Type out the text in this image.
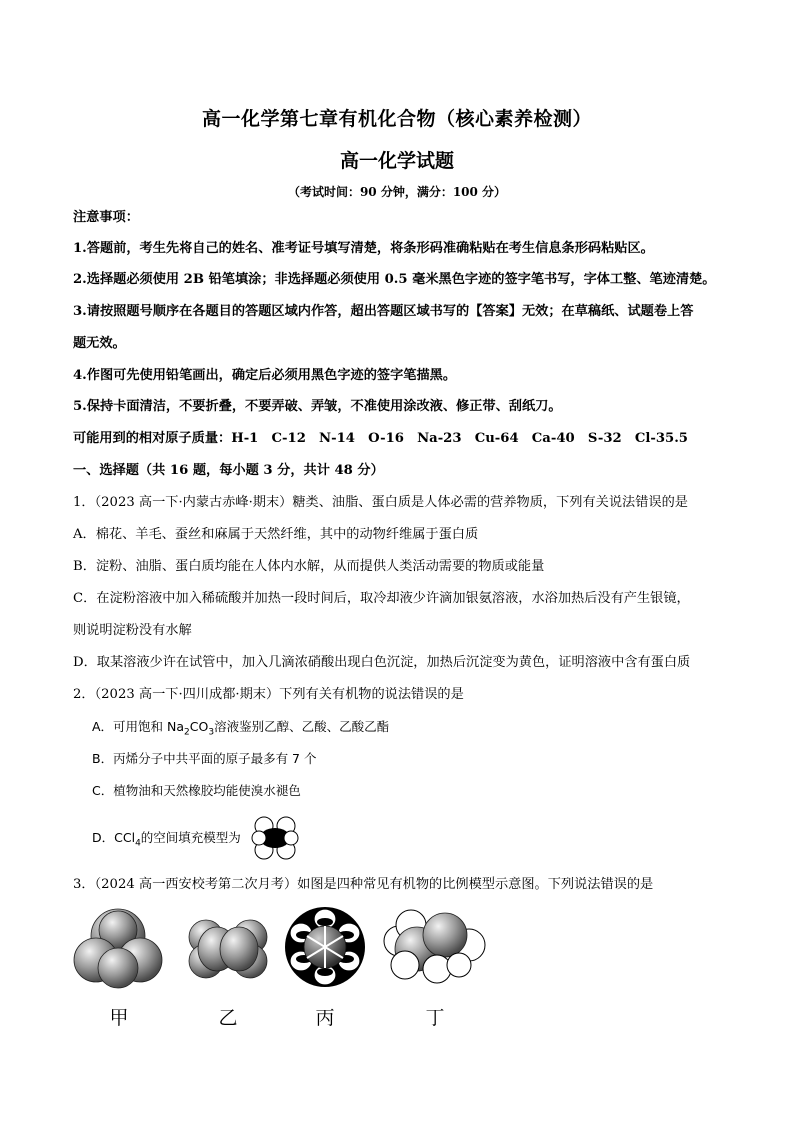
高一化学第七章有机化合物（核心素养检测）
高一化学试题
（考试时间：90 分钟，满分：100 分）
注意事项：
1.答题前，考生先将自己的姓名、准考证号填写清楚，将条形码准确粘贴在考生信息条形码粘贴区。
2.选择题必须使用 2B 铅笔填涂；非选择题必须使用 0.5 毫米黑色字迹的签字笔书写，字体工整、笔迹清楚。
3.请按照题号顺序在各题目的答题区域内作答，超出答题区域书写的【答案】无效；在草稿纸、试题卷上答
题无效。
4.作图可先使用铅笔画出，确定后必须用黑色字迹的签字笔描黑。
5.保持卡面清洁，不要折叠，不要弄破、弄皱，不准使用涂改液、修正带、刮纸刀。
可能用到的相对原子质量：H-1　C-12　N-14　O-16　Na-23　Cu-64　Ca-40　S-32　Cl-35.5
一、选择题（共 16 题，每小题 3 分，共计 48 分）
1．（2023 高一下·内蒙古赤峰·期末）糖类、油脂、蛋白质是人体必需的营养物质，下列有关说法错误的是
A．棉花、羊毛、蚕丝和麻属于天然纤维，其中的动物纤维属于蛋白质
B．淀粉、油脂、蛋白质均能在人体内水解，从而提供人类活动需要的物质或能量
C．在淀粉溶液中加入稀硫酸并加热一段时间后，取冷却液少许滴加银氨溶液，水浴加热后没有产生银镜，
则说明淀粉没有水解
D．取某溶液少许在试管中，加入几滴浓硝酸出现白色沉淀，加热后沉淀变为黄色，证明溶液中含有蛋白质
2．（2023 高一下·四川成都·期末）下列有关有机物的说法错误的是
A．可用饱和 $Na_2CO_3$溶液鉴别乙醇、乙酸、乙酸乙酯
B．丙烯分子中共平面的原子最多有 7 个
C．植物油和天然橡胶均能使溴水褪色
D．CCl$_4$的空间填充模型为
3．（2024 高一西安校考第二次月考）如图是四种常见有机物的比例模型示意图。下列说法错误的是
甲	乙	丙	丁
